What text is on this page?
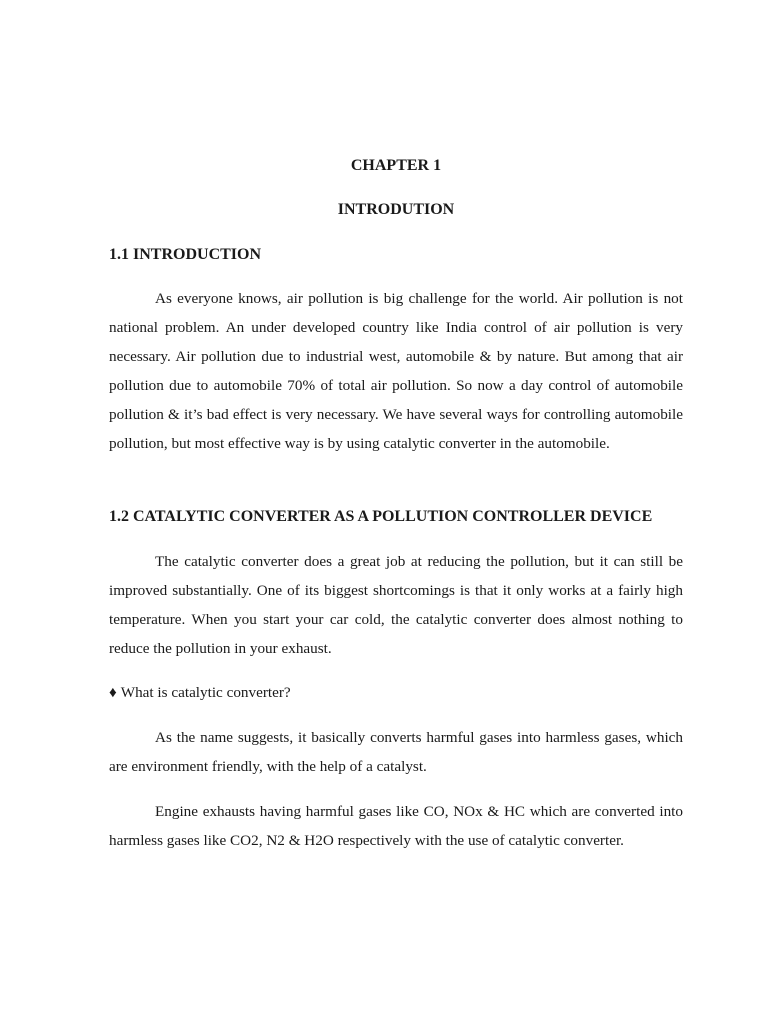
CHAPTER 1
INTRODUTION
1.1 INTRODUCTION

As everyone knows, air pollution is big challenge for the world. Air pollution is not national problem. An under developed country like India control of air pollution is very necessary. Air pollution due to industrial west, automobile & by nature. But among that air pollution due to automobile 70% of total air pollution. So now a day control of automobile pollution & it’s bad effect is very necessary. We have several ways for controlling automobile pollution, but most effective way is by using catalytic converter in the automobile.

1.2 CATALYTIC CONVERTER AS A POLLUTION CONTROLLER DEVICE

The catalytic converter does a great job at reducing the pollution, but it can still be improved substantially. One of its biggest shortcomings is that it only works at a fairly high temperature. When you start your car cold, the catalytic converter does almost nothing to reduce the pollution in your exhaust.

♦ What is catalytic converter?

As the name suggests, it basically converts harmful gases into harmless gases, which are environment friendly, with the help of a catalyst.

Engine exhausts having harmful gases like CO, NOx & HC which are converted into   harmless gases like CO2, N2 & H2O respectively with the use of catalytic converter.
